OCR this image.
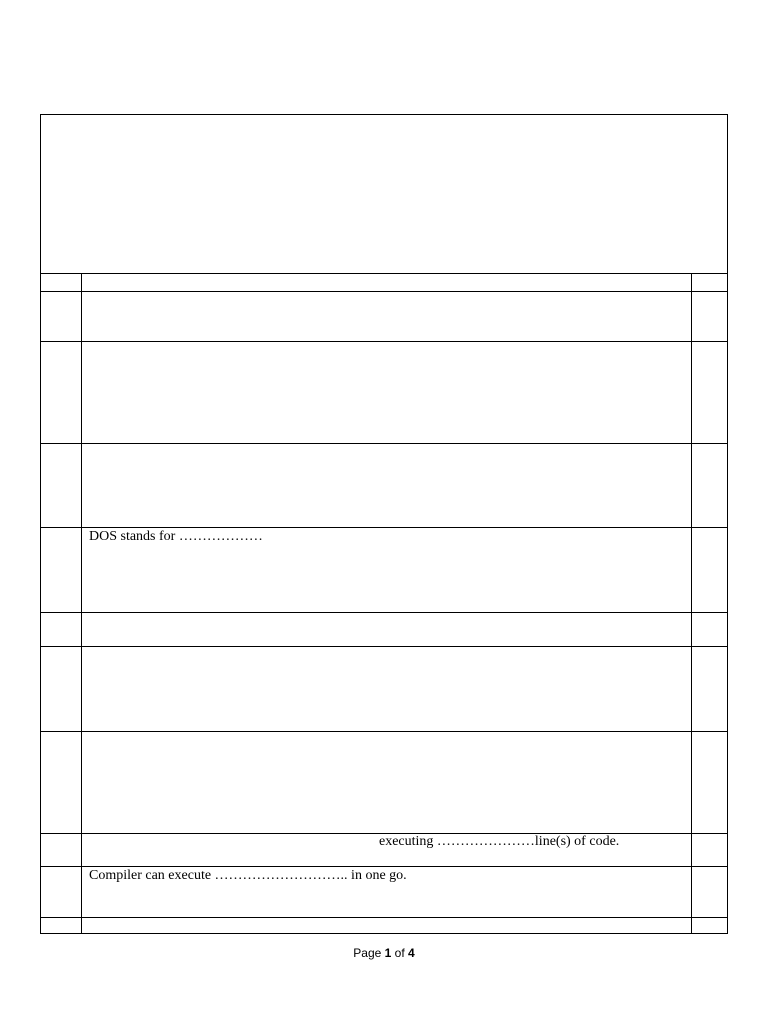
DOS stands for ………………
executing …………………line(s) of code.
Compiler can execute ……………………….. in one go.
Page 1 of 4
